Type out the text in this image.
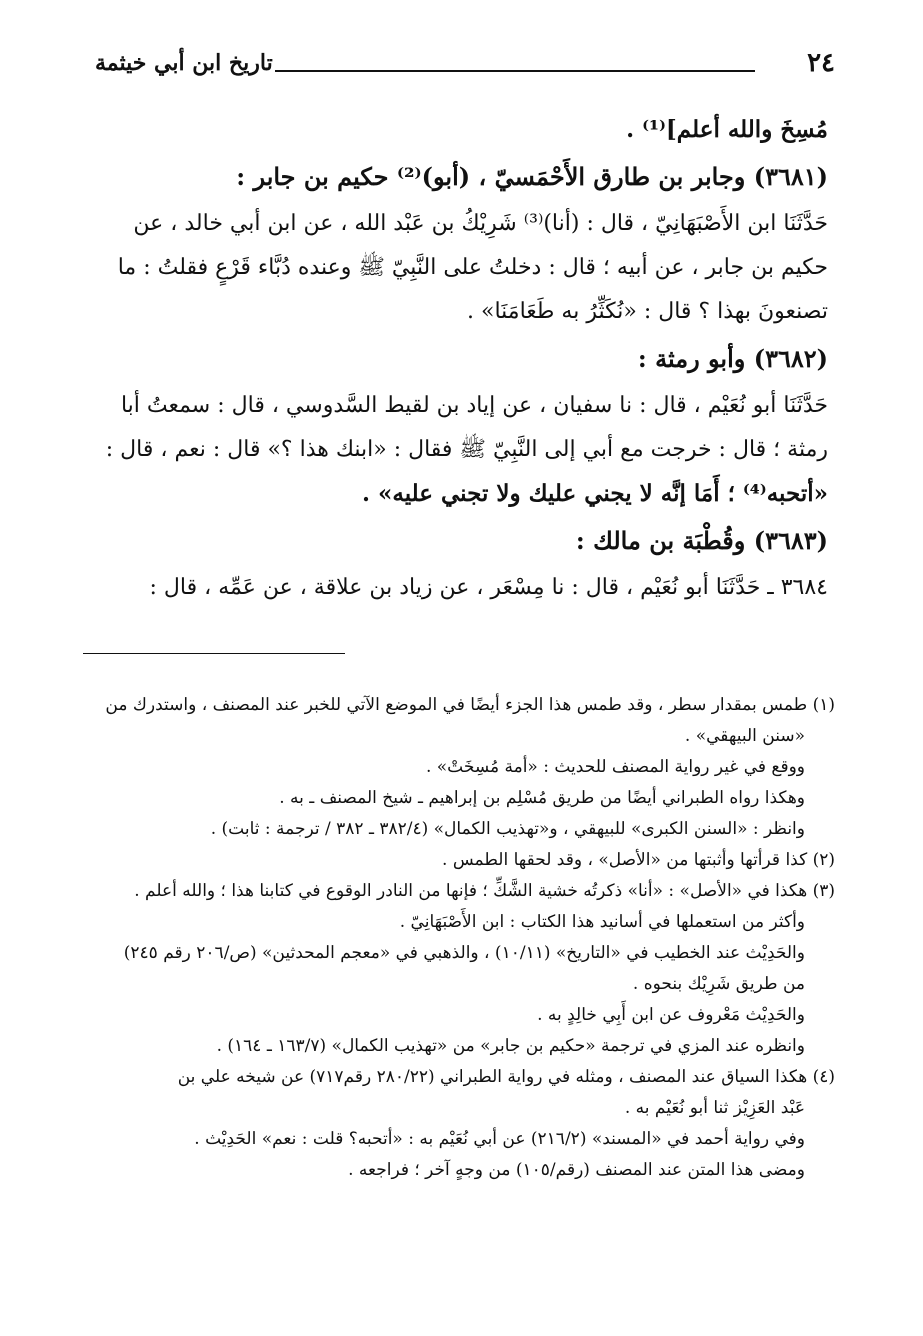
٢٤
تاريخ ابن أبي خيثمة
مُسِخَ والله أعلم]⁽¹⁾ .
(٣٦٨١) وجابر بن طارق الأَحْمَسيّ ، (أبو)⁽²⁾ حكيم بن جابر :
حَدَّثَنَا ابن الأَصْبَهَانِيّ ، قال : (أنا)⁽³⁾ شَرِيْكُ بن عَبْد الله ، عن ابن أبي خالد ، عن
حكيم بن جابر ، عن أبيه ؛ قال : دخلتُ على النَّبِيّ ﷺ وعنده دُبَّاء قَرْعٍ فقلتُ : ما
تصنعونَ بهذا ؟ قال : «نُكَثِّرُ به طَعَامَنَا» .
(٣٦٨٢) وأبو رمثة :
حَدَّثَنَا أبو نُعَيْم ، قال : نا سفيان ، عن إياد بن لقيط السَّدوسي ، قال : سمعتُ أبا
رمثة ؛ قال : خرجت مع أبي إلى النَّبِيّ ﷺ فقال : «ابنك هذا ؟» قال : نعم ، قال :
«أتحبه⁽⁴⁾ ؛ أَمَا إنَّه لا يجني عليك ولا تجني عليه» .
(٣٦٨٣) وقُطْبَة بن مالك :
٣٦٨٤ ـ حَدَّثَنَا أبو نُعَيْم ، قال : نا مِسْعَر ، عن زياد بن علاقة ، عن عَمِّه ، قال :
(١) طمس بمقدار سطر ، وقد طمس هذا الجزء أيضًا في الموضع الآتي للخبر عند المصنف ، واستدرك من
«سنن البيهقي» .
ووقع في غير رواية المصنف للحديث : «أمة مُسِخَتْ» .
وهكذا رواه الطبراني أيضًا من طريق مُسْلِم بن إبراهيم ـ شيخ المصنف ـ به .
وانظر : «السنن الكبرى» للبيهقي ، و«تهذيب الكمال» (٣٨٢/٤ ـ ٣٨٢ / ترجمة : ثابت) .
(٢) كذا قرأتها وأثبتها من «الأصل» ، وقد لحقها الطمس .
(٣) هكذا في «الأصل» : «أنا» ذكرتُه خشية الشَّكِّ ؛ فإنها من النادر الوقوع في كتابنا هذا ؛ والله أعلم .
وأكثر من استعملها في أسانيد هذا الكتاب : ابن الأَصْبَهَانِيّ .
والحَدِيْث عند الخطيب في «التاريخ» (١٠/١١) ، والذهبي في «معجم المحدثين» (ص/٢٠٦ رقم ٢٤٥)
من طريق شَرِيْك بنحوه .
والحَدِيْث مَعْروف عن ابن أَبِي خالِدٍ به .
وانظره عند المزي في ترجمة «حكيم بن جابر» من «تهذيب الكمال» (١٦٣/٧ ـ ١٦٤) .
(٤) هكذا السياق عند المصنف ، ومثله في رواية الطبراني (٢٨٠/٢٢ رقم٧١٧) عن شيخه علي بن
عَبْد العَزِيْز ثنا أبو نُعَيْم به .
وفي رواية أحمد في «المسند» (٢١٦/٢) عن أبي نُعَيْم به : «أتحبه؟ قلت : نعم» الحَدِيْث .
ومضى هذا المتن عند المصنف (رقم/١٠٥) من وجهٍ آخر ؛ فراجعه .
